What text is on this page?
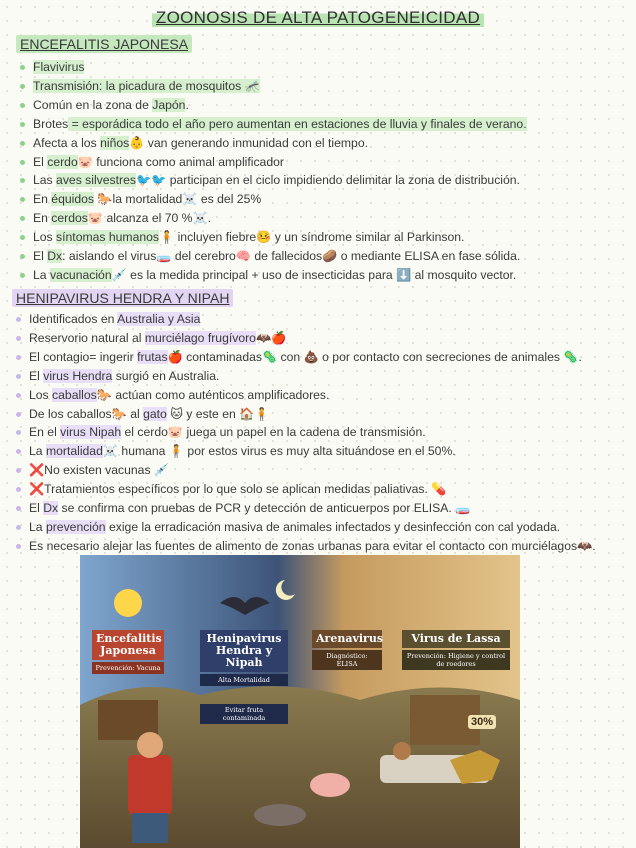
ZOONOSIS DE ALTA PATOGENEICIDAD
ENCEFALITIS JAPONESA
Flavivirus
Transmisión: la picadura de mosquitos 🦟
Común en la zona de Japón.
Brotes = esporádica todo el año pero aumentan en estaciones de lluvia y finales de verano.
Afecta a los niños👶 van generando inmunidad con el tiempo.
El cerdo🐷 funciona como animal amplificador
Las aves silvestres🐦🐦 participan en el ciclo impidiendo delimitar la zona de distribución.
En équidos 🐎la mortalidad☠️ es del 25%
En cerdos🐷 alcanza el 70 %☠️.
Los síntomas humanos🧍 incluyen fiebre🤒 y un síndrome similar al Parkinson.
El Dx: aislando el virus🧫 del cerebro🧠 de fallecidos🥔 o mediante ELISA en fase sólida.
La vacunación💉 es la medida principal + uso de insecticidas para ⬇️ al mosquito vector.
HENIPAVIRUS HENDRA Y NIPAH
Identificados en Australia y Asia
Reservorio natural al murciélago frugívoro🦇🍎
El contagio= ingerir frutas🍎 contaminadas🦠 con 💩 o por contacto con secreciones de animales 🦠.
El virus Hendra surgió en Australia.
Los caballos🐎 actúan como auténticos amplificadores.
De los caballos🐎 al gato 🐱 y este en 🏠🧍
En el virus Nipah el cerdo🐷 juega un papel en la cadena de transmisión.
La mortalidad☠️ humana 🧍 por estos virus es muy alta situándose en el 50%.
❌No existen vacunas 💉
❌Tratamientos específicos por lo que solo se aplican medidas paliativas. 💊
El Dx se confirma con pruebas de PCR y detección de anticuerpos por ELISA. 🧫
La prevención exige la erradicación masiva de animales infectados y desinfección con cal yodada.
Es necesario alejar las fuentes de alimento de zonas urbanas para evitar el contacto con murciélagos🦇.
Encefalitis Japonesa
Prevención: Vacuna
Henipavirus Hendra y Nipah
Alta Mortalidad
Evitar fruta contaminada
Arenavirus
Diagnóstico: ELISA
Virus de Lassa
Prevención: Higiene y control de roedores
30%
